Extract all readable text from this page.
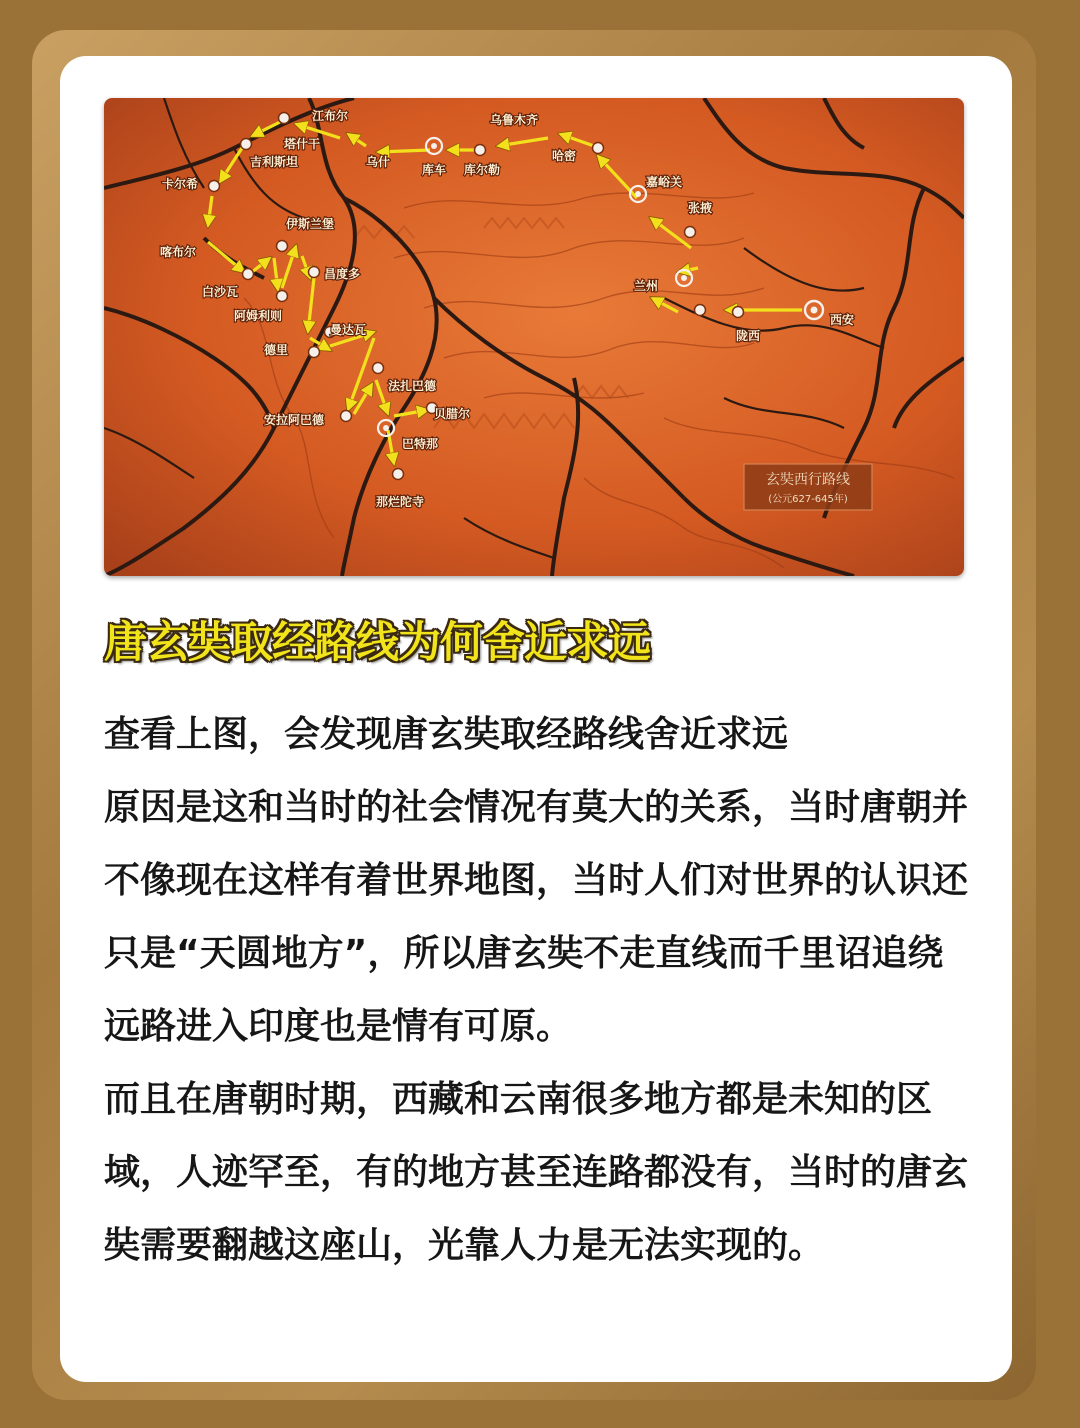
江布尔	乌鲁木齐
塔什干
吉利斯坦	乌什
库车 库尔勒
哈密
卡尔希	嘉峪关
张掖
伊斯兰堡
喀布尔
兰州
白沙瓦
昌度多
西安
阿姆利则
陇西
德里
曼达瓦
法扎巴德
安拉阿巴德	贝腊尔
巴特那
那烂陀寺
玄奘西行路线
(公元627-645年)
唐玄奘取经路线为何舍近求远

查看上图，会发现唐玄奘取经路线舍近求远

原因是这和当时的社会情况有莫大的关系，当时唐朝并不像现在这样有着世界地图，当时人们对世界的认识还只是“天圆地方”，所以唐玄奘不走直线而千里诏追绕远路进入印度也是情有可原。

而且在唐朝时期，西藏和云南很多地方都是未知的区域，人迹罕至，有的地方甚至连路都没有，当时的唐玄奘需要翻越这座山，光靠人力是无法实现的。
